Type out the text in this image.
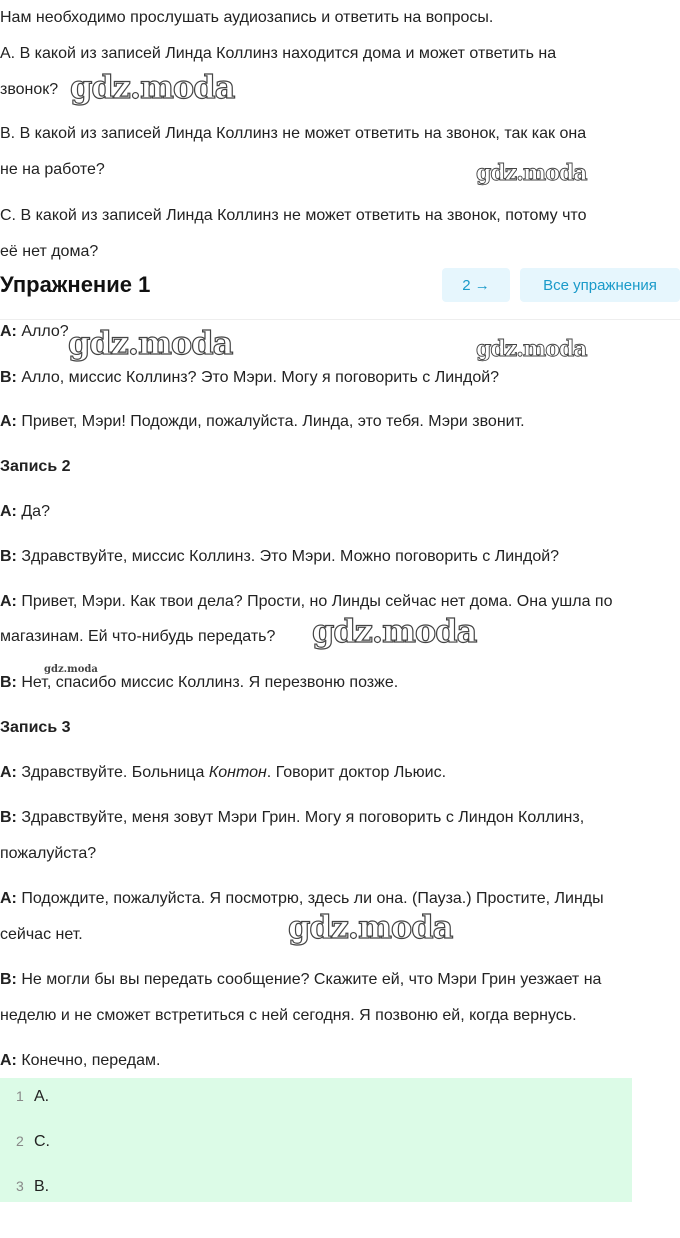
Нам необходимо прослушать аудиозапись и ответить на вопросы.

A. В какой из записей Линда Коллинз находится дома и может ответить на

звонок?

B. В какой из записей Линда Коллинз не может ответить на звонок, так как она

не на работе?

C. В какой из записей Линда Коллинз не может ответить на звонок, потому что

её нет дома?

Упражнение 1	2 →	Все упражнения

A: Алло?

B: Алло, миссис Коллинз? Это Мэри. Могу я поговорить с Линдой?

A: Привет, Мэри! Подожди, пожалуйста. Линда, это тебя. Мэри звонит.

Запись 2

A: Да?

B: Здравствуйте, миссис Коллинз. Это Мэри. Можно поговорить с Линдой?

A: Привет, Мэри. Как твои дела? Прости, но Линды сейчас нет дома. Она ушла по

магазинам. Ей что-нибудь передать?

B: Нет, спасибо миссис Коллинз. Я перезвоню позже.

Запись 3

A: Здравствуйте. Больница Контон. Говорит доктор Льюис.

B: Здравствуйте, меня зовут Мэри Грин. Могу я поговорить с Линдон Коллинз,

пожалуйста?

A: Подождите, пожалуйста. Я посмотрю, здесь ли она. (Пауза.) Простите, Линды

сейчас нет.

B: Не могли бы вы передать сообщение? Скажите ей, что Мэри Грин уезжает на

неделю и не сможет встретиться с ней сегодня. Я позвоню ей, когда вернусь.

A: Конечно, передам.

1 A.
2 C.
3 B.
gdz.moda
gdz.moda
gdz.moda	gdz.moda
gdz.moda
gdz.moda
gdz.moda
